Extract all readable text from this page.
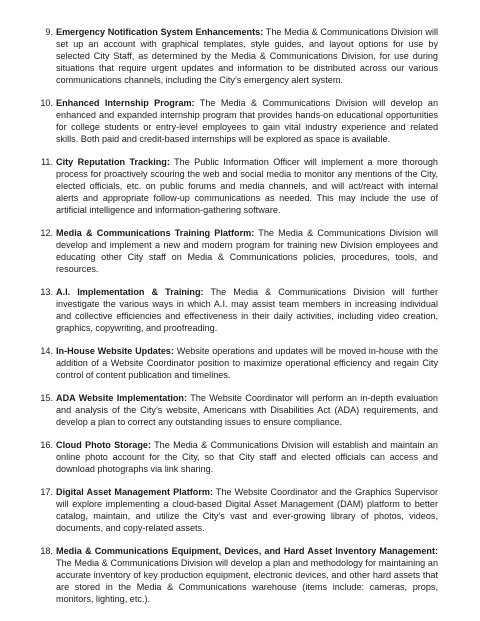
9. Emergency Notification System Enhancements: The Media & Communications Division will set up an account with graphical templates, style guides, and layout options for use by selected City Staff, as determined by the Media & Communications Division, for use during situations that require urgent updates and information to be distributed across our various communications channels, including the City’s emergency alert system.
10. Enhanced Internship Program: The Media & Communications Division will develop an enhanced and expanded internship program that provides hands-on educational opportunities for college students or entry-level employees to gain vital industry experience and related skills. Both paid and credit-based internships will be explored as space is available.
11. City Reputation Tracking: The Public Information Officer will implement a more thorough process for proactively scouring the web and social media to monitor any mentions of the City, elected officials, etc. on public forums and media channels, and will act/react with internal alerts and appropriate follow-up communications as needed. This may include the use of artificial intelligence and information-gathering software.
12. Media & Communications Training Platform: The Media & Communications Division will develop and implement a new and modern program for training new Division employees and educating other City staff on Media & Communications policies, procedures, tools, and resources.
13. A.I. Implementation & Training: The Media & Communications Division will further investigate the various ways in which A.I. may assist team members in increasing individual and collective efficiencies and effectiveness in their daily activities, including video creation, graphics, copywriting, and proofreading.
14. In-House Website Updates: Website operations and updates will be moved in-house with the addition of a Website Coordinator position to maximize operational efficiency and regain City control of content publication and timelines.
15. ADA Website Implementation: The Website Coordinator will perform an in-depth evaluation and analysis of the City’s website, Americans with Disabilities Act (ADA) requirements, and develop a plan to correct any outstanding issues to ensure compliance.
16. Cloud Photo Storage: The Media & Communications Division will establish and maintain an online photo account for the City, so that City staff and elected officials can access and download photographs via link sharing.
17. Digital Asset Management Platform: The Website Coordinator and the Graphics Supervisor will explore implementing a cloud-based Digital Asset Management (DAM) platform to better catalog, maintain, and utilize the City’s vast and ever-growing library of photos, videos, documents, and copy-related assets.
18. Media & Communications Equipment, Devices, and Hard Asset Inventory Management: The Media & Communications Division will develop a plan and methodology for maintaining an accurate inventory of key production equipment, electronic devices, and other hard assets that are stored in the Media & Communications warehouse (items include: cameras, props, monitors, lighting, etc.).
